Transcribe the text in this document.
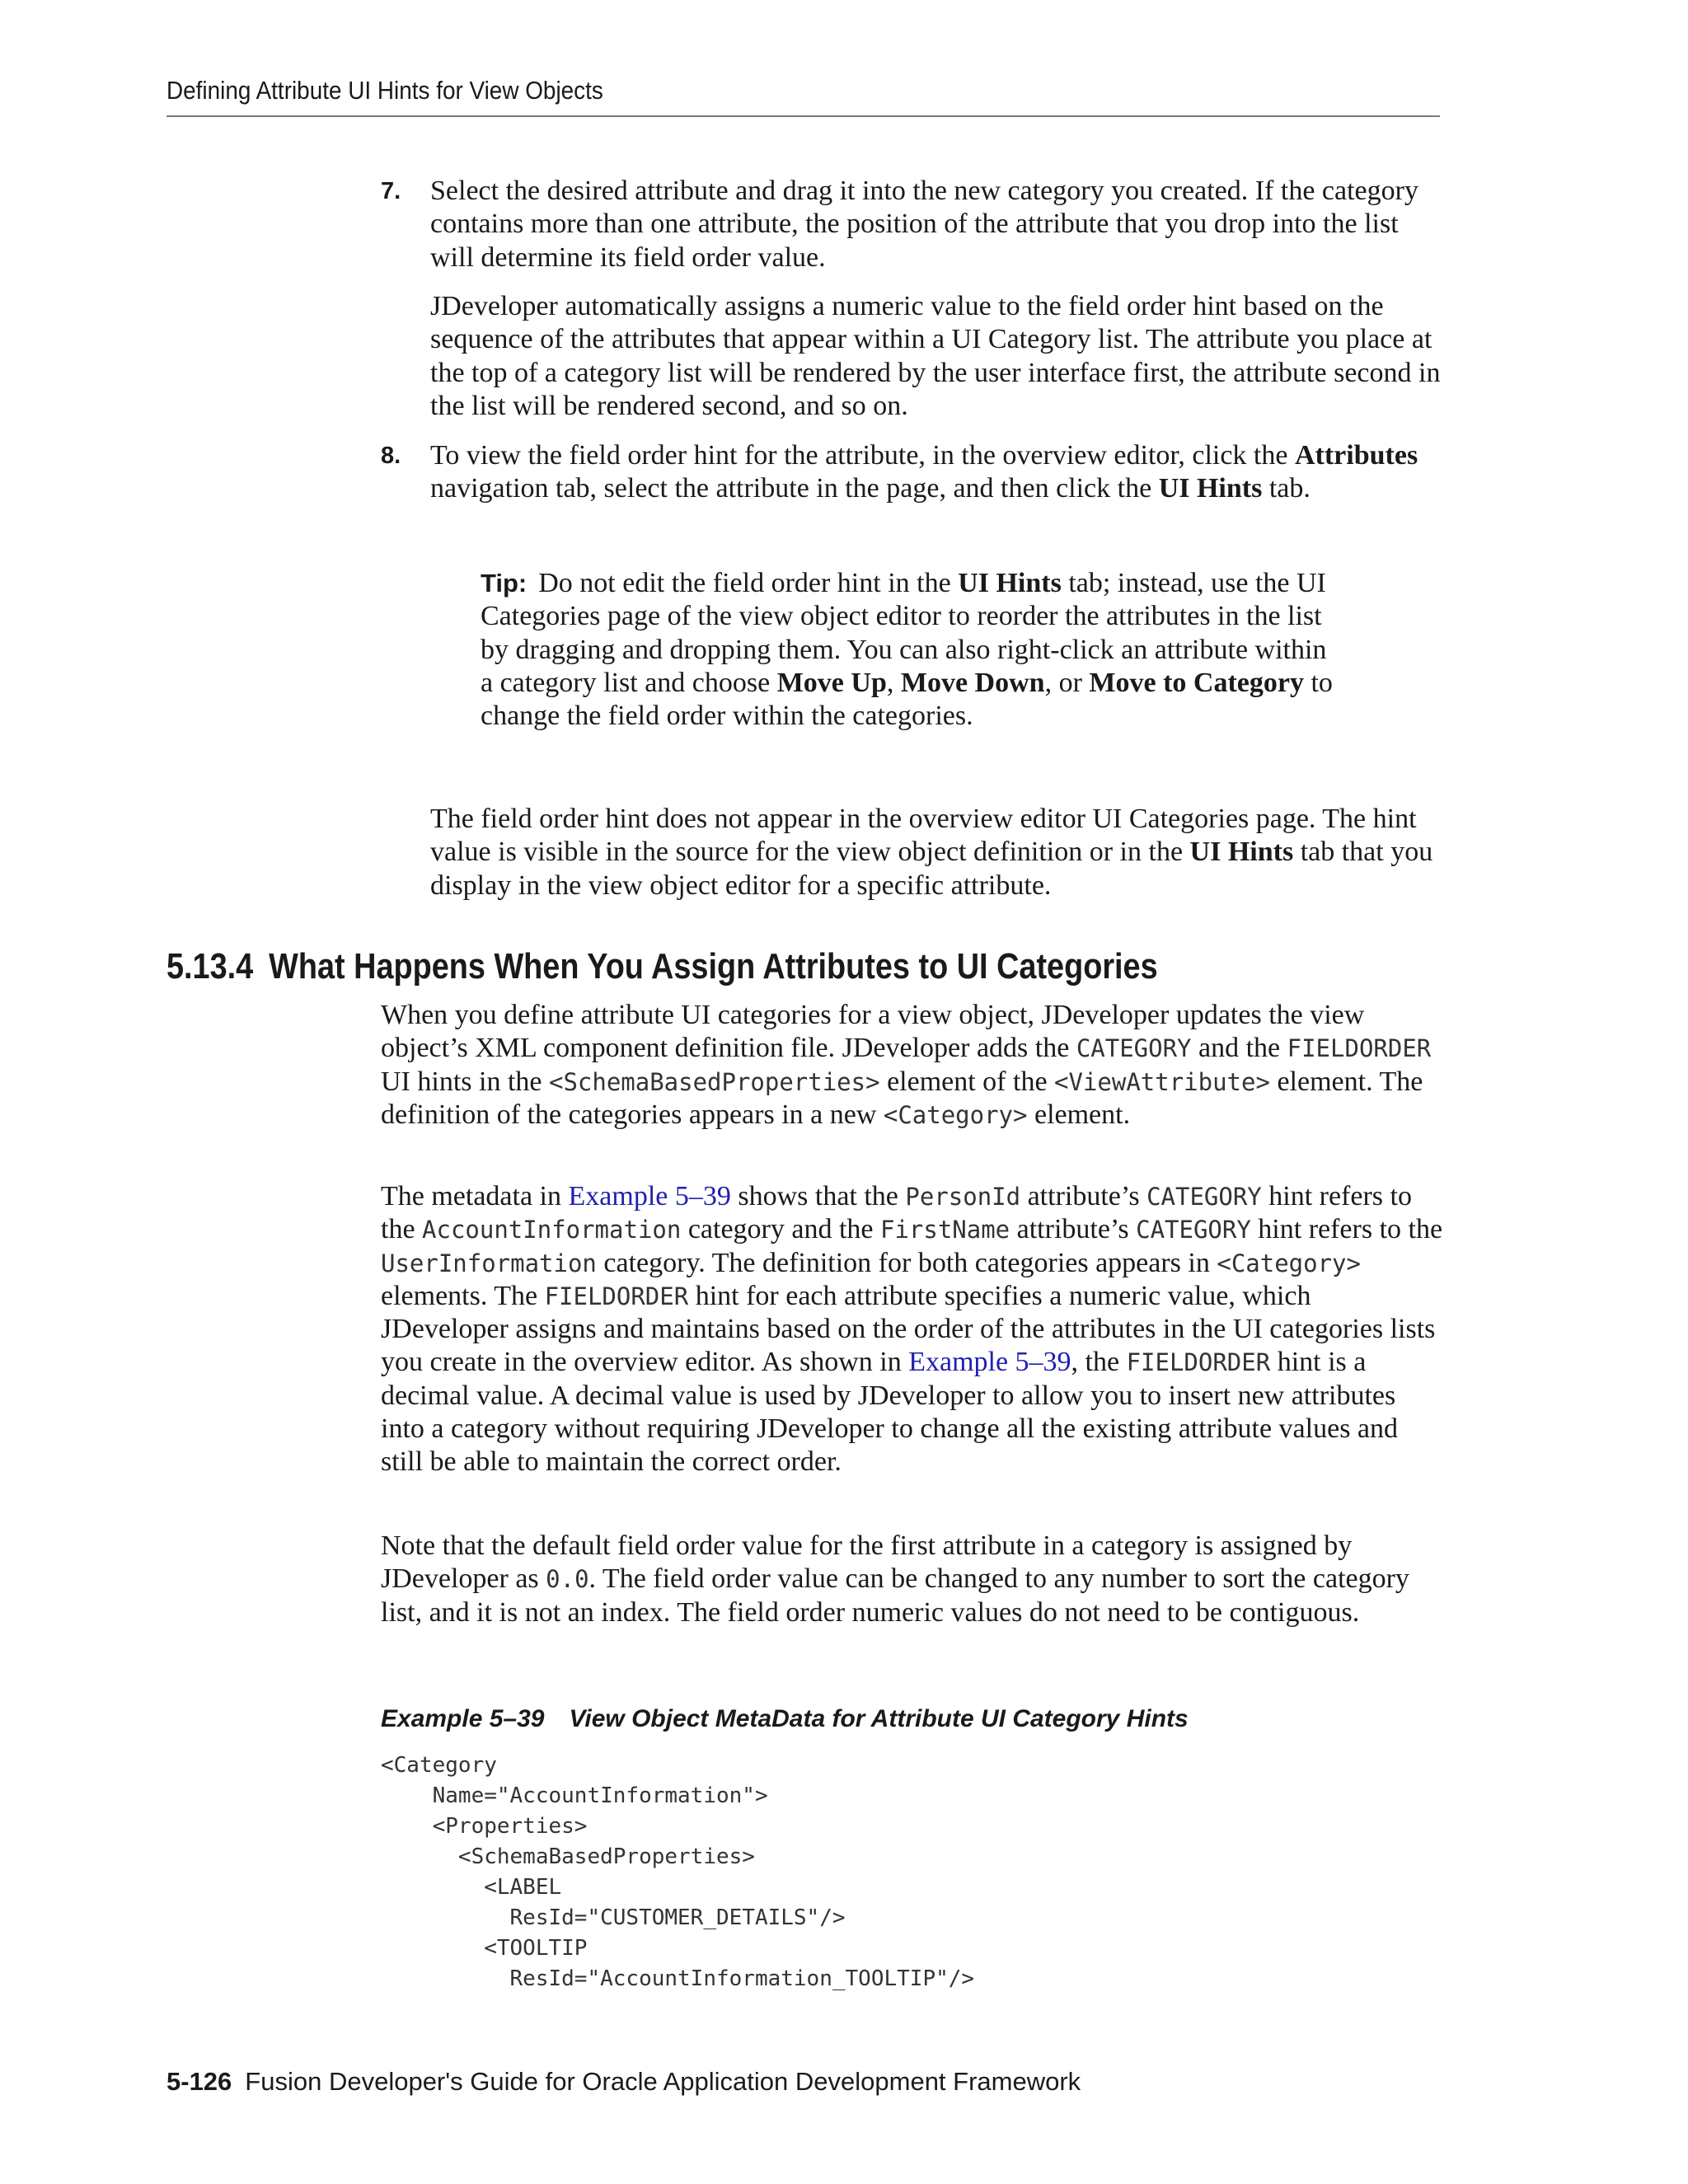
Defining Attribute UI Hints for View Objects
7. Select the desired attribute and drag it into the new category you created. If the category contains more than one attribute, the position of the attribute that you drop into the list will determine its field order value.

JDeveloper automatically assigns a numeric value to the field order hint based on the sequence of the attributes that appear within a UI Category list. The attribute you place at the top of a category list will be rendered by the user interface first, the attribute second in the list will be rendered second, and so on.

8. To view the field order hint for the attribute, in the overview editor, click the Attributes navigation tab, select the attribute in the page, and then click the UI Hints tab.

Tip: Do not edit the field order hint in the UI Hints tab; instead, use the UI Categories page of the view object editor to reorder the attributes in the list by dragging and dropping them. You can also right-click an attribute within a category list and choose Move Up, Move Down, or Move to Category to change the field order within the categories.

The field order hint does not appear in the overview editor UI Categories page. The hint value is visible in the source for the view object definition or in the UI Hints tab that you display in the view object editor for a specific attribute.

5.13.4 What Happens When You Assign Attributes to UI Categories

When you define attribute UI categories for a view object, JDeveloper updates the view object’s XML component definition file. JDeveloper adds the CATEGORY and the FIELDORDER UI hints in the <SchemaBasedProperties> element of the <ViewAttribute> element. The definition of the categories appears in a new <Category> element.

The metadata in Example 5–39 shows that the PersonId attribute’s CATEGORY hint refers to the AccountInformation category and the FirstName attribute’s CATEGORY hint refers to the UserInformation category. The definition for both categories appears in <Category> elements. The FIELDORDER hint for each attribute specifies a numeric value, which JDeveloper assigns and maintains based on the order of the attributes in the UI categories lists you create in the overview editor. As shown in Example 5–39, the FIELDORDER hint is a decimal value. A decimal value is used by JDeveloper to allow you to insert new attributes into a category without requiring JDeveloper to change all the existing attribute values and still be able to maintain the correct order.

Note that the default field order value for the first attribute in a category is assigned by JDeveloper as 0.0. The field order value can be changed to any number to sort the category list, and it is not an index. The field order numeric values do not need to be contiguous.

Example 5–39 View Object MetaData for Attribute UI Category Hints

<Category
Name="AccountInformation">
<Properties>
<SchemaBasedProperties>
<LABEL
ResId="CUSTOMER_DETAILS"/>
<TOOLTIP
ResId="AccountInformation_TOOLTIP"/>
5-126 Fusion Developer's Guide for Oracle Application Development Framework
